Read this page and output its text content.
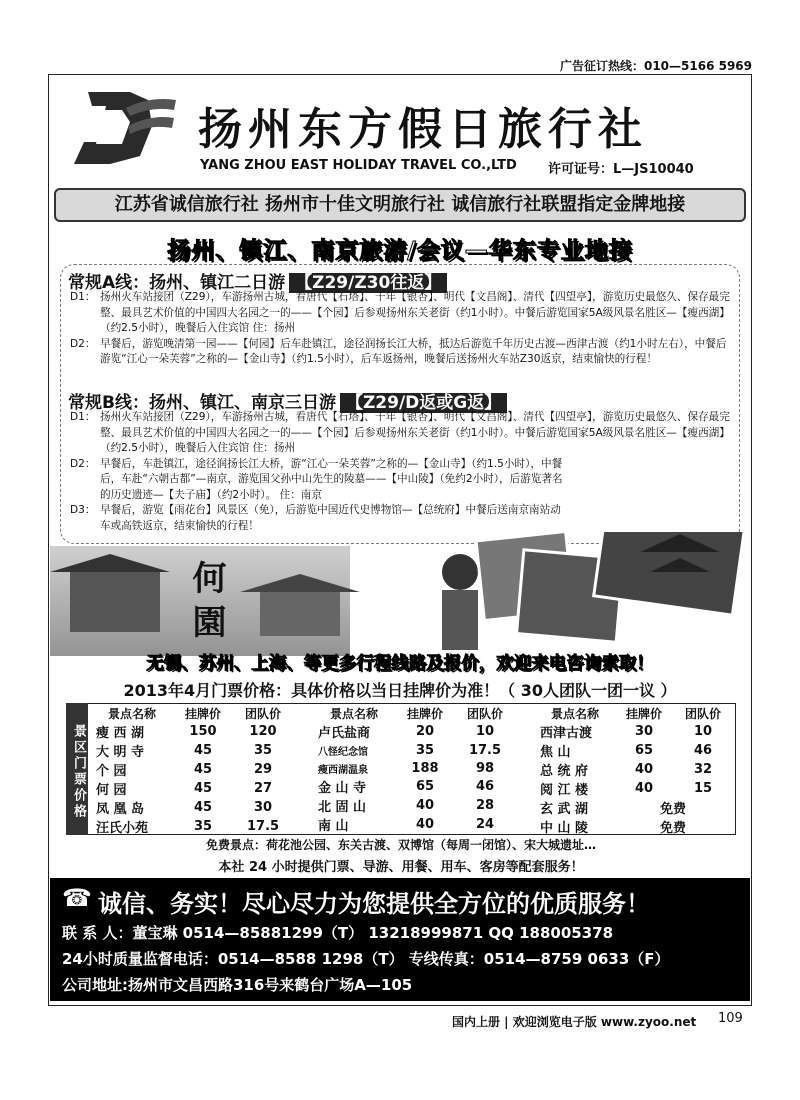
广告征订热线：010—5166 5969
扬州东方假日旅行社
YANG ZHOU EAST HOLIDAY TRAVEL CO.,LTD 许可证号：L—JS10040
江苏省诚信旅行社 扬州市十佳文明旅行社 诚信旅行社联盟指定金牌地接
扬州、镇江、南京旅游/会议—华东专业地接
常规A线：扬州、镇江二日游 【Z29/Z30往返】
D1： 扬州火车站接团（Z29），车游扬州古城，看唐代【石塔】、千年【银杏】、明代【文昌阁】、清代【四望亭】，游览历史最悠久、保存最完整、最具艺术价值的中国四大名园之一的——【个园】后参观扬州东关老街（约1小时）。中餐后游览国家5A级风景名胜区—【瘦西湖】（约2.5小时），晚餐后入住宾馆 住：扬州
D2： 早餐后，游览晚清第一园——【何园】后车赴镇江，途径润扬长江大桥，抵达后游览千年历史古渡—西津古渡（约1小时左右），中餐后游览“江心一朵芙蓉”之称的—【金山寺】（约1.5小时），后车返扬州，晚餐后送扬州火车站Z30返京，结束愉快的行程！
常规B线：扬州、镇江、南京三日游 【Z29/D返或G返】
D1： 扬州火车站接团（Z29），车游扬州古城，看唐代【石塔】、千年【银杏】、明代【文昌阁】、清代【四望亭】，游览历史最悠久、保存最完整、最具艺术价值的中国四大名园之一的——【个园】后参观扬州东关老街（约1小时）。中餐后游览国家5A级风景名胜区—【瘦西湖】（约2.5小时），晚餐后入住宾馆 住：扬州
D2： 早餐后，车赴镇江，途径润扬长江大桥，游“江心一朵芙蓉”之称的—【金山寺】（约1.5小时），中餐后，车赴“六朝古都”—南京，游览国父孙中山先生的陵墓——【中山陵】（免约2小时），后游览著名的历史遗迹—【夫子庙】（约2小时）。 住：南京
D3： 早餐后，游览【雨花台】风景区（免），后游览中国近代史博物馆—【总统府】中餐后送南京南站动车或高铁返京，结束愉快的行程！
何園
无锡、苏州、上海、等更多行程线路及报价，欢迎来电咨询索取！
2013年4月门票价格：具体价格以当日挂牌价为准！（ 30人团队一团一议 ）
景区门票价格
景点名称	挂牌价	团队价
瘦 西 湖	150	120
大 明 寺	45	35
个 园	45	29
何 园	45	27
凤 凰 岛	45	30
汪氏小苑	35	17.5
景点名称	挂牌价	团队价
卢氏盐商	20	10
八怪纪念馆	35	17.5
瘦西湖温泉	188	98
金 山 寺	65	46
北 固 山	40	28
南 山	40	24
景点名称	挂牌价	团队价
西津古渡	30	10
焦 山	65	46
总 统 府	40	32
阅 江 楼	40	15
玄 武 湖	免费	
中 山 陵	免费	
免费景点：荷花池公园、东关古渡、双博馆（每周一闭馆）、宋大城遗址…
本社 24 小时提供门票、导游、用餐、用车、客房等配套服务！
☎ 诚信、务实！尽心尽力为您提供全方位的优质服务！
联 系 人：董宝琳 0514—85881299（T） 13218999871 QQ 188005378
24小时质量监督电话：0514—8588 1298（T） 专线传真：0514—8759 0633（F）
公司地址:扬州市文昌西路316号来鹤台广场A—105
国内上册 | 欢迎浏览电子版 www.zyoo.net 109
